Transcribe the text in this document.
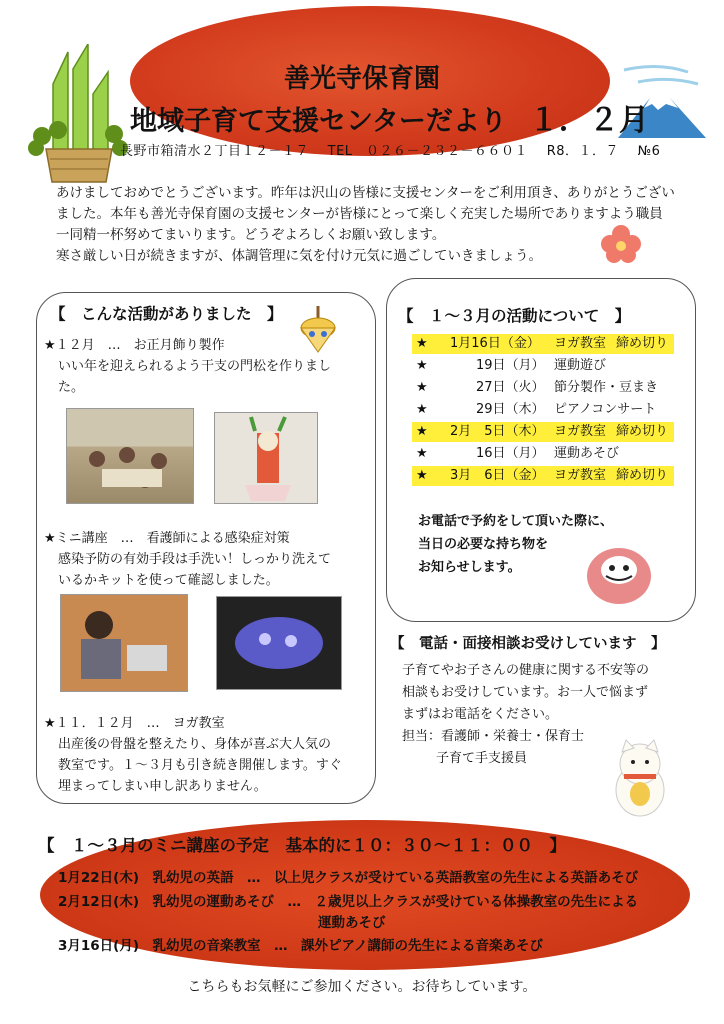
善光寺保育園
地域子育て支援センターだより １．２月
長野市箱清水２丁目１２－１７ TEL　０２６－２３２－６６０１ R8．１．７ №6
あけましておめでとうございます。昨年は沢山の皆様に支援センターをご利用頂き、ありがとうござい
ました。本年も善光寺保育園の支援センターが皆様にとって楽しく充実した場所でありますよう職員
一同精一杯努めてまいります。どうぞよろしくお願い致します。
寒さ厳しい日が続きますが、体調管理に気を付け元気に過ごしていきましょう。
【　こんな活動がありました　】
★１２月　…　お正月飾り製作
いい年を迎えられるよう干支の門松を作りまし
た。
★ミニ講座　…　看護師による感染症対策
感染予防の有効手段は手洗い！しっかり洗えて
いるかキットを使って確認しました。
★１１．１２月　…　ヨガ教室
出産後の骨盤を整えたり、身体が喜ぶ大人気の
教室です。１～３月も引き続き開催します。すぐ
埋まってしまい申し訳ありません。
【　１～３月の活動について　】
★ 1月16日（金） ヨガ教室 締め切り
★ 　　19日（月） 運動遊び
★ 　　27日（火） 節分製作・豆まき
★ 　　29日（木） ピアノコンサート
★ 2月　5日（木） ヨガ教室 締め切り
★ 　　16日（月） 運動あそび
★ 3月　6日（金） ヨガ教室 締め切り
お電話で予約をして頂いた際に、
当日の必要な持ち物を
お知らせします。
【　電話・面接相談お受けしています　】
子育てやお子さんの健康に関する不安等の
相談もお受けしています。お一人で悩まず
まずはお電話をください。
担当：看護師・栄養士・保育士
子育て手支援員
【　１～３月のミニ講座の予定　基本的に１０：３０～１１：００　】
1月22日(木)　乳幼児の英語　…　以上児クラスが受けている英語教室の先生による英語あそび
2月12日(木)　乳幼児の運動あそび　…　２歳児以上クラスが受けている体操教室の先生による
運動あそび
3月16日(月)　乳幼児の音楽教室　…　課外ピアノ講師の先生による音楽あそび
こちらもお気軽にご参加ください。お待ちしています。
